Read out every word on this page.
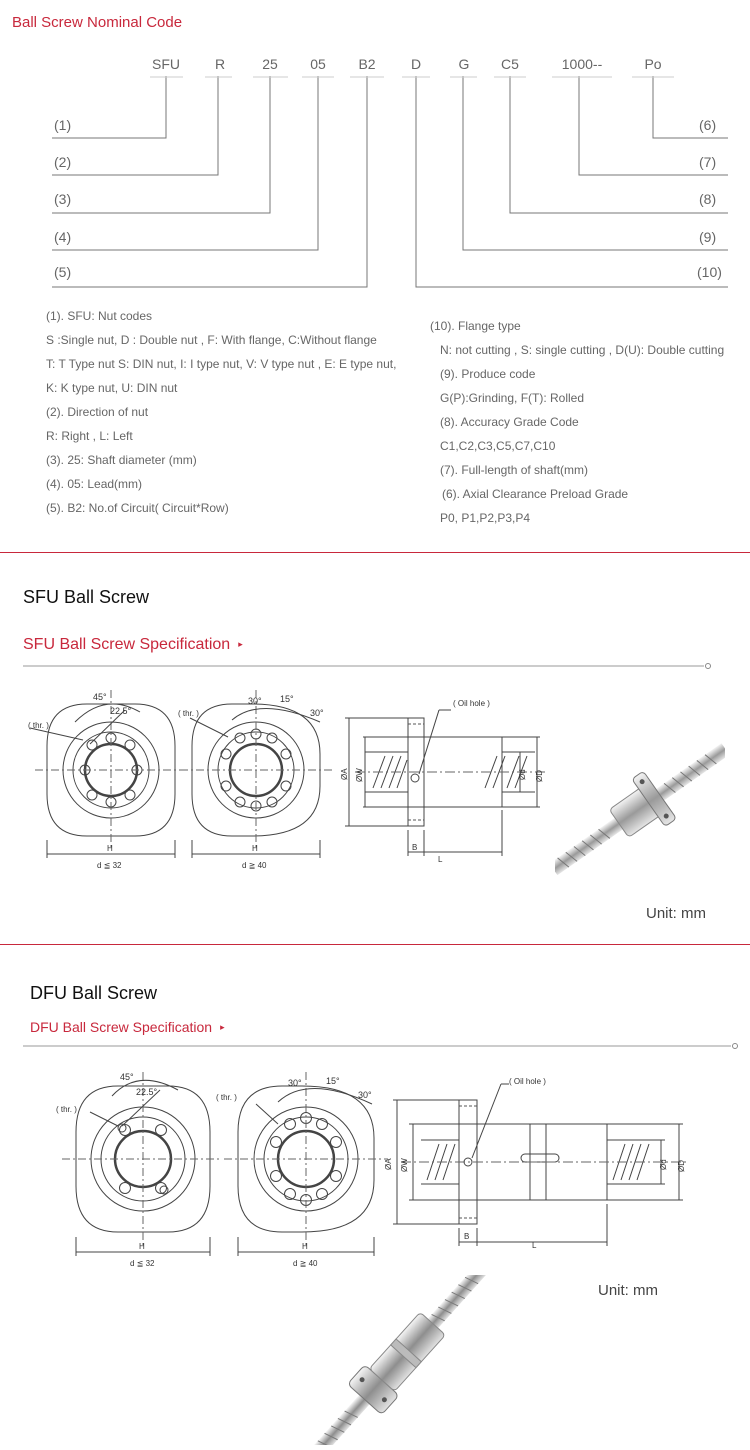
Ball Screw Nominal Code
SFU	R	25	05	B2	D	G	C5	1000--	Po
(1)
(2)
(3)
(4)
(5)
(6)
(7)
(8)
(9)
(10)
(1). SFU: Nut codes
S :Single nut, D : Double nut , F: With flange, C:Without flange
T: T Type nut S: DIN nut, I: I type nut, V: V type nut , E: E type nut,
K: K type nut, U: DIN nut
(2). Direction of nut
R: Right , L: Left
(3). 25: Shaft diameter (mm)
(4). 05: Lead(mm)
(5). B2: No.of Circuit( Circuit*Row)
(10). Flange type
N: not cutting , S: single cutting , D(U): Double cutting
(9). Produce code
G(P):Grinding, F(T): Rolled
(8). Accuracy Grade Code
C1,C2,C3,C5,C7,C10
(7). Full-length of shaft(mm)
(6). Axial Clearance Preload Grade
P0, P1,P2,P3,P4
SFU Ball Screw
SFU Ball Screw Specification ▸
45°
22.5°
( thr. )
H
d ≦ 32
30° 15°
30°
( thr. )
H
d ≧ 40
( Oil hole )
ØA ØW	Ød ØD
B
L
Unit: mm
DFU Ball Screw
DFU Ball Screw Specification ▸
45°
22.5°
( thr. )
H
d ≦ 32
30°	15°
30°
( thr. )
H
d ≧ 40
( Oil hole )
ØA ØW	Ød ØD
B
L
Unit: mm
